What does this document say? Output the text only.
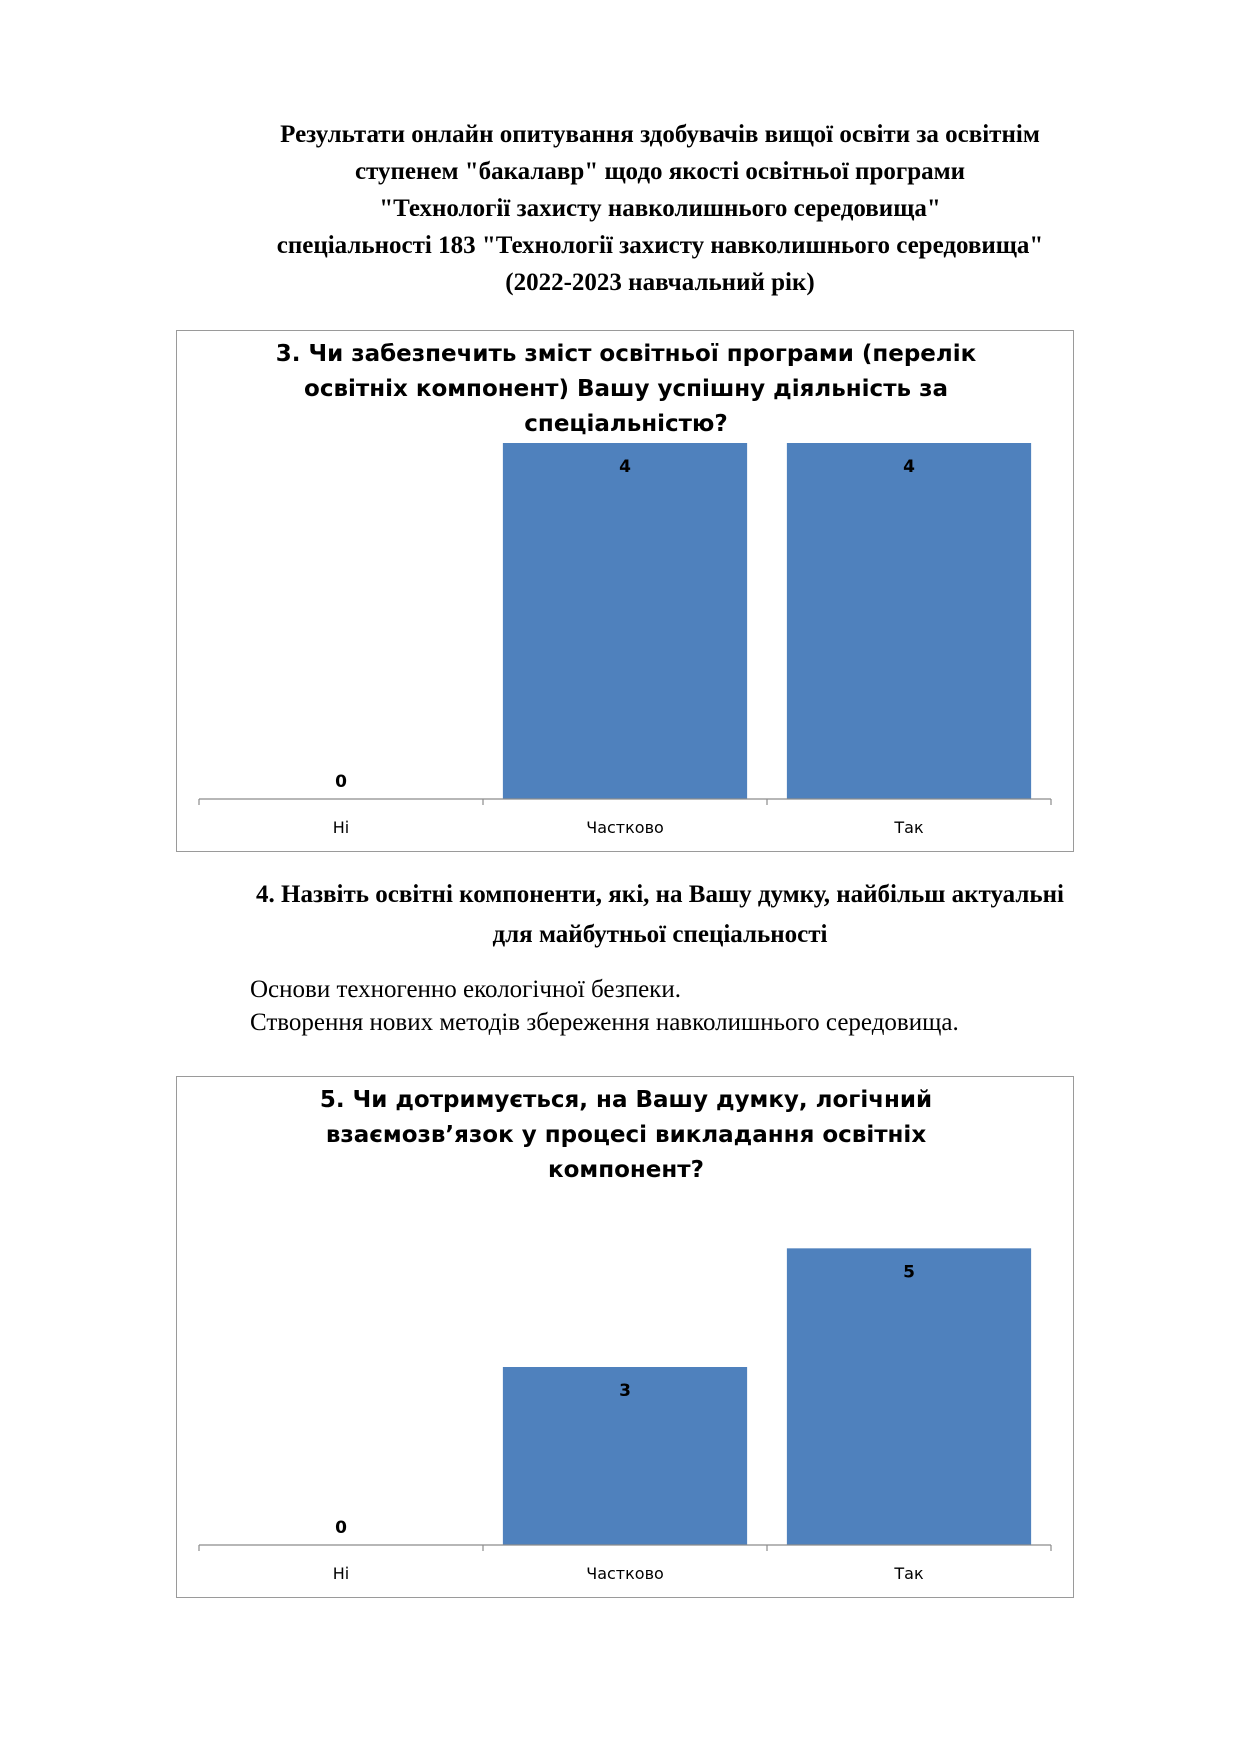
Результати онлайн опитування здобувачів вищої освіти за освітнім
ступенем "бакалавр" щодо якості освітньої програми
"Технології захисту навколишнього середовища"
спеціальності 183 "Технології захисту навколишнього середовища"
(2022-2023 навчальний рік)
0
Ні
4
Частково
4
Так
3. Чи забезпечить зміст освітньої програми (перелік
освітніх компонент) Вашу успішну діяльність за
спеціальністю?
4. Назвіть освітні компоненти, які, на Вашу думку, найбільш актуальні
для майбутньої спеціальності
Основи техногенно екологічної безпеки.
Створення нових методів збереження навколишнього середовища.
0
Ні
3
Частково
5
Так
5. Чи дотримується, на Вашу думку, логічний
взаємозв’язок у процесі викладання освітніх
компонент?
